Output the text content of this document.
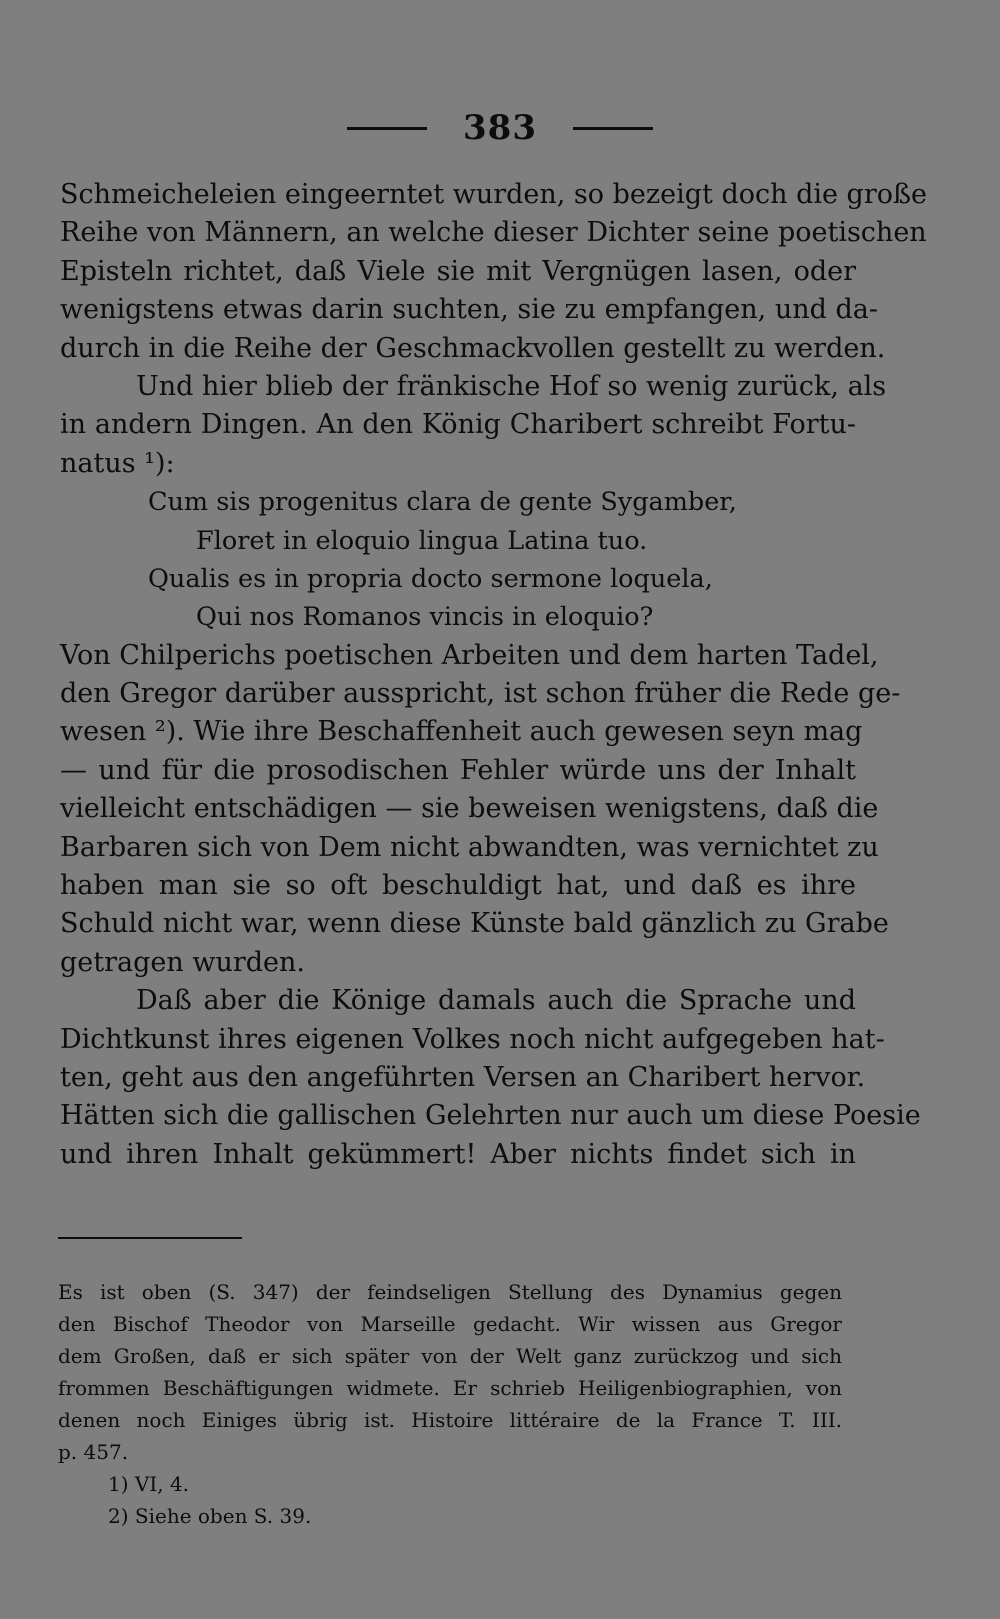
383
Schmeicheleien eingeerntet wurden, so bezeigt doch die große
Reihe von Männern, an welche dieser Dichter seine poetischen
Episteln richtet, daß Viele sie mit Vergnügen lasen, oder
wenigstens etwas darin suchten, sie zu empfangen, und da-
durch in die Reihe der Geschmackvollen gestellt zu werden.
Und hier blieb der fränkische Hof so wenig zurück, als
in andern Dingen. An den König Charibert schreibt Fortu-
natus ¹):
Cum sis progenitus clara de gente Sygamber,
Floret in eloquio lingua Latina tuo.
Qualis es in propria docto sermone loquela,
Qui nos Romanos vincis in eloquio?
Von Chilperichs poetischen Arbeiten und dem harten Tadel,
den Gregor darüber ausspricht, ist schon früher die Rede ge-
wesen ²). Wie ihre Beschaffenheit auch gewesen seyn mag
— und für die prosodischen Fehler würde uns der Inhalt
vielleicht entschädigen — sie beweisen wenigstens, daß die
Barbaren sich von Dem nicht abwandten, was vernichtet zu
haben man sie so oft beschuldigt hat, und daß es ihre
Schuld nicht war, wenn diese Künste bald gänzlich zu Grabe
getragen wurden.
Daß aber die Könige damals auch die Sprache und
Dichtkunst ihres eigenen Volkes noch nicht aufgegeben hat-
ten, geht aus den angeführten Versen an Charibert hervor.
Hätten sich die gallischen Gelehrten nur auch um diese Poesie
und ihren Inhalt gekümmert! Aber nichts findet sich in
Es ist oben (S. 347) der feindseligen Stellung des Dynamius gegen
den Bischof Theodor von Marseille gedacht. Wir wissen aus Gregor
dem Großen, daß er sich später von der Welt ganz zurückzog und sich
frommen Beschäftigungen widmete. Er schrieb Heiligenbiographien, von
denen noch Einiges übrig ist. Histoire littéraire de la France T. III.
p. 457.
1) VI, 4.
2) Siehe oben S. 39.
